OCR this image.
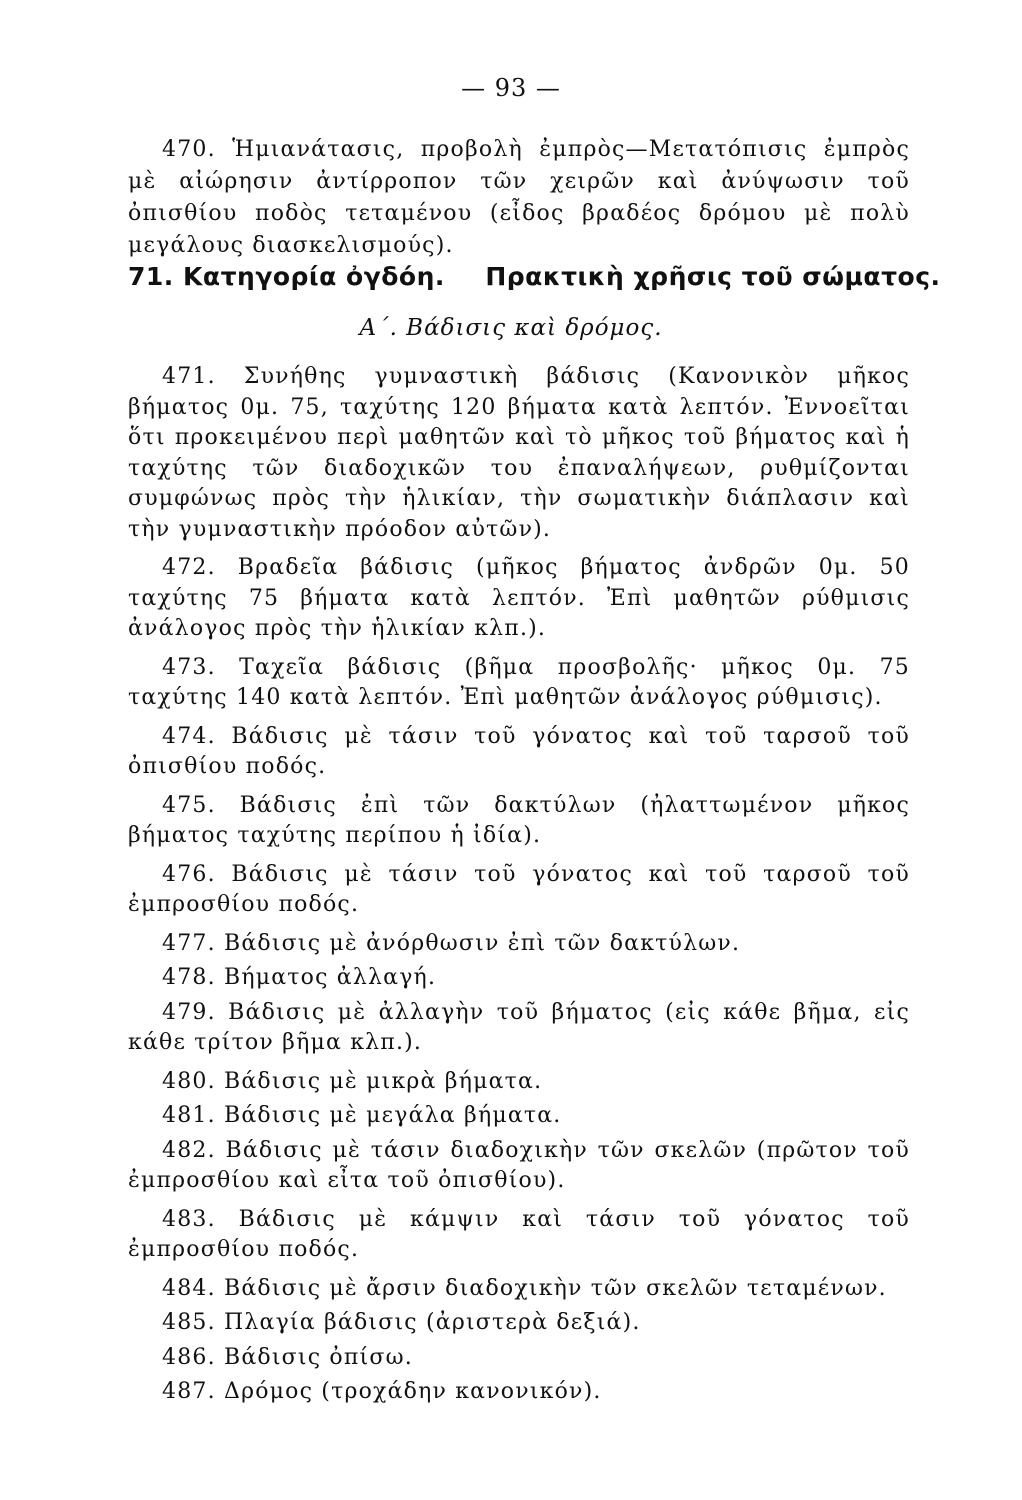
— 93 —

470. Ἡμιανάτασις, προβολὴ ἐμπρὸς—Μετατόπισις ἐμπρὸς μὲ αἰώρησιν ἀντίρροπον τῶν χειρῶν καὶ ἀνύψωσιν τοῦ ὀπισθίου ποδὸς τεταμένου (εἶδος βραδέος δρόμου μὲ πολὺ μεγάλους διασκελισμούς).

71. Κατηγορία ὀγδόη. Πρακτικὴ χρῆσις τοῦ σώματος.
Α΄. Βάδισις καὶ δρόμος.

471. Συνήθης γυμναστικὴ βάδισις (Κανονικὸν μῆκος βήματος 0μ. 75, ταχύτης 120 βήματα κατὰ λεπτόν. Ἐννοεῖται ὅτι προκειμένου περὶ μαθητῶν καὶ τὸ μῆκος τοῦ βήματος καὶ ἡ ταχύτης τῶν διαδοχικῶν του ἐπαναλήψεων, ρυθμίζονται συμφώνως πρὸς τὴν ἡλικίαν, τὴν σωματικὴν διάπλασιν καὶ τὴν γυμναστικὴν πρόοδον αὐτῶν).

472. Βραδεῖα βάδισις (μῆκος βήματος ἀνδρῶν 0μ. 50 ταχύτης 75 βήματα κατὰ λεπτόν. Ἐπὶ μαθητῶν ρύθμισις ἀνάλογος πρὸς τὴν ἡλικίαν κλπ.).

473. Ταχεῖα βάδισις (βῆμα προσβολῆς· μῆκος 0μ. 75 ταχύτης 140 κατὰ λεπτόν. Ἐπὶ μαθητῶν ἀνάλογος ρύθμισις).

474. Βάδισις μὲ τάσιν τοῦ γόνατος καὶ τοῦ ταρσοῦ τοῦ ὀπισθίου ποδός.

475. Βάδισις ἐπὶ τῶν δακτύλων (ἠλαττωμένον μῆκος βήματος ταχύτης περίπου ἡ ἰδία).

476. Βάδισις μὲ τάσιν τοῦ γόνατος καὶ τοῦ ταρσοῦ τοῦ ἐμπροσθίου ποδός.

477. Βάδισις μὲ ἀνόρθωσιν ἐπὶ τῶν δακτύλων.

478. Βήματος ἀλλαγή.

479. Βάδισις μὲ ἀλλαγὴν τοῦ βήματος (εἰς κάθε βῆμα, εἰς κάθε τρίτον βῆμα κλπ.).

480. Βάδισις μὲ μικρὰ βήματα.

481. Βάδισις μὲ μεγάλα βήματα.

482. Βάδισις μὲ τάσιν διαδοχικὴν τῶν σκελῶν (πρῶτον τοῦ ἐμπροσθίου καὶ εἶτα τοῦ ὀπισθίου).

483. Βάδισις μὲ κάμψιν καὶ τάσιν τοῦ γόνατος τοῦ ἐμπροσθίου ποδός.

484. Βάδισις μὲ ἄρσιν διαδοχικὴν τῶν σκελῶν τεταμένων.

485. Πλαγία βάδισις (ἀριστερὰ δεξιά).

486. Βάδισις ὀπίσω.

487. Δρόμος (τροχάδην κανονικόν).
